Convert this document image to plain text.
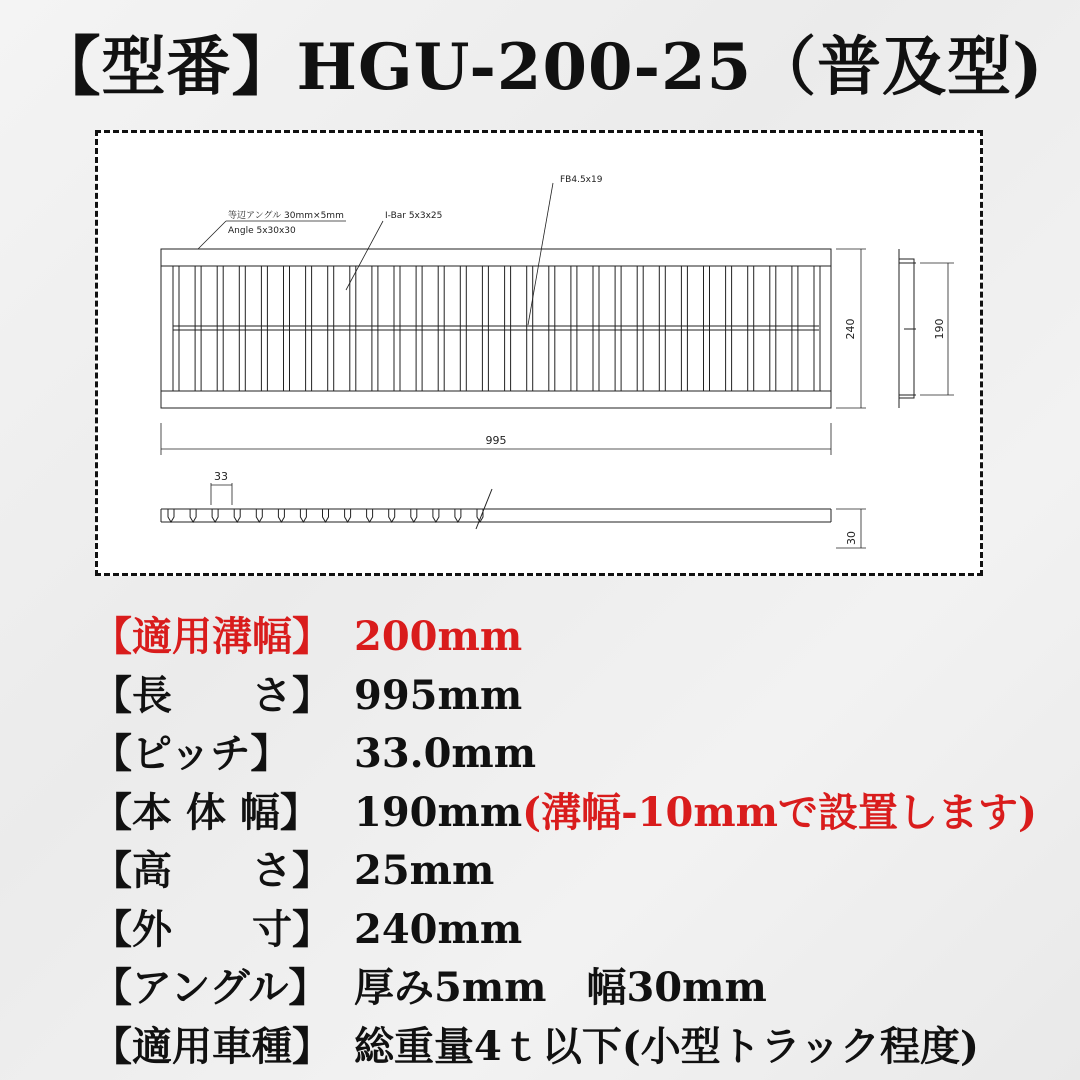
【型番】HGU-200-25（普及型)
等辺アングル 30mm×5mm
Angle 5x30x30
I-Bar 5x3x25
FB4.5x19
995
240	190
33
30
【適用溝幅】 200mm
【長　　さ】 995mm
【ピッチ】 33.0mm
【本 体 幅】 190mm(溝幅-10mmで設置します)
【高　　さ】 25mm
【外　　寸】 240mm
【アングル】 厚み5mm　幅30mm
【適用車種】 総重量4ｔ以下(小型トラック程度)
